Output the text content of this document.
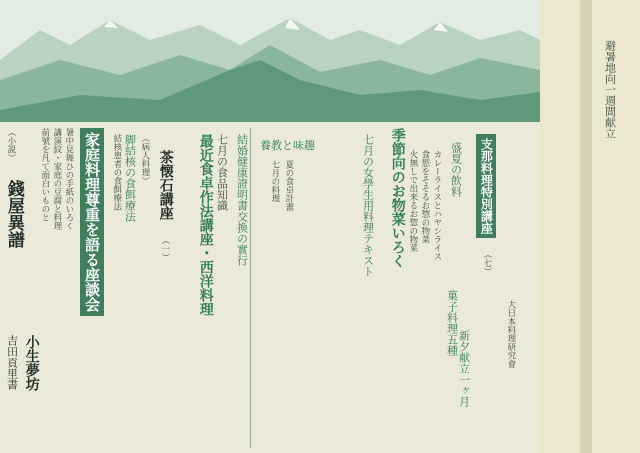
（小説）
錢屋異譜
小生夢坊
吉田貢里書
前號を凡て面白いものと 講演紋・家庭の豆腐と料理 暑中見舞ひの手紙のいろく 家庭料理尊重を語る座談会 脚結核の食餌療法
結核患者の食餌療法 （病人料理） 茶懐石講座
（一） 最近食卓作法講座・西洋料理 七月の食品知識 結婚健康證明書交換の實行 養教と味趣
七月の料理 夏の食卓計畫	七月の女學生用料理テキスト 季節向のお物菜いろく 火無しで出来るお惣の物菜 食慾をそそるお惣の物菜 カレーライスとハヤシライス
菓子料理五種
新夕献立一ヶ月
盛夏の飲料 支那料理特別講座
（七）
大日本料理研究會
避暑地向一週間献立
